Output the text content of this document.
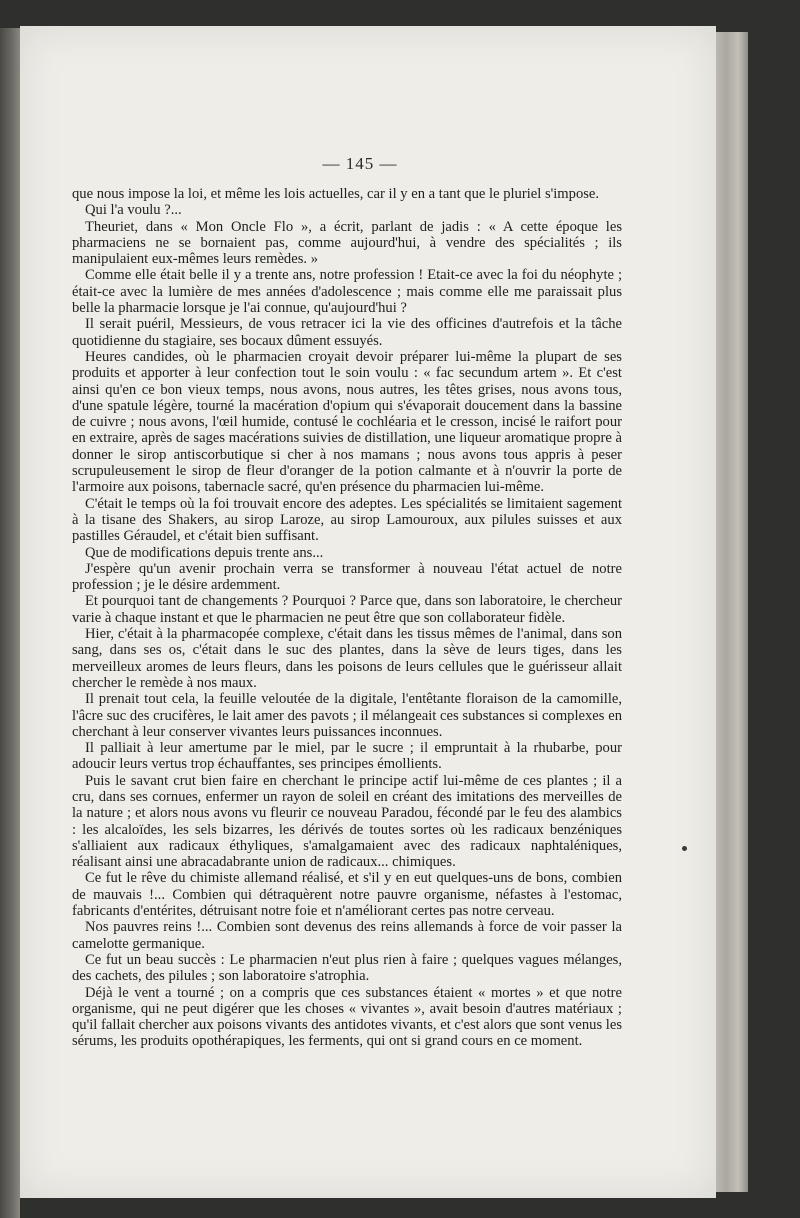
— 145 —

que nous impose la loi, et même les lois actuelles, car il y en a tant que le pluriel s'impose.

Qui l'a voulu ?...

Theuriet, dans « Mon Oncle Flo », a écrit, parlant de jadis : « A cette époque les pharmaciens ne se bornaient pas, comme aujourd'hui, à vendre des spécialités ; ils manipulaient eux-mêmes leurs remèdes. »

Comme elle était belle il y a trente ans, notre profession ! Etait-ce avec la foi du néophyte ; était-ce avec la lumière de mes années d'adolescence ; mais comme elle me paraissait plus belle la pharmacie lorsque je l'ai connue, qu'aujourd'hui ?

Il serait puéril, Messieurs, de vous retracer ici la vie des officines d'autrefois et la tâche quotidienne du stagiaire, ses bocaux dûment essuyés.

Heures candides, où le pharmacien croyait devoir préparer lui-même la plupart de ses produits et apporter à leur confection tout le soin voulu : « fac secundum artem ». Et c'est ainsi qu'en ce bon vieux temps, nous avons, nous autres, les têtes grises, nous avons tous, d'une spatule légère, tourné la macération d'opium qui s'évaporait doucement dans la bassine de cuivre ; nous avons, l'œil humide, contusé le cochléaria et le cresson, incisé le raifort pour en extraire, après de sages macérations suivies de distillation, une liqueur aromatique propre à donner le sirop antiscorbutique si cher à nos mamans ; nous avons tous appris à peser scrupuleusement le sirop de fleur d'oranger de la potion calmante et à n'ouvrir la porte de l'armoire aux poisons, tabernacle sacré, qu'en présence du pharmacien lui-même.

C'était le temps où la foi trouvait encore des adeptes. Les spécialités se limitaient sagement à la tisane des Shakers, au sirop Laroze, au sirop Lamouroux, aux pilules suisses et aux pastilles Géraudel, et c'était bien suffisant.

Que de modifications depuis trente ans...

J'espère qu'un avenir prochain verra se transformer à nouveau l'état actuel de notre profession ; je le désire ardemment.

Et pourquoi tant de changements ? Pourquoi ? Parce que, dans son laboratoire, le chercheur varie à chaque instant et que le pharmacien ne peut être que son collaborateur fidèle.

Hier, c'était à la pharmacopée complexe, c'était dans les tissus mêmes de l'animal, dans son sang, dans ses os, c'était dans le suc des plantes, dans la sève de leurs tiges, dans les merveilleux aromes de leurs fleurs, dans les poisons de leurs cellules que le guérisseur allait chercher le remède à nos maux.

Il prenait tout cela, la feuille veloutée de la digitale, l'entêtante floraison de la camomille, l'âcre suc des crucifères, le lait amer des pavots ; il mélangeait ces substances si complexes en cherchant à leur conserver vivantes leurs puissances inconnues.

Il palliait à leur amertume par le miel, par le sucre ; il empruntait à la rhubarbe, pour adoucir leurs vertus trop échauffantes, ses principes émollients.

Puis le savant crut bien faire en cherchant le principe actif lui-même de ces plantes ; il a cru, dans ses cornues, enfermer un rayon de soleil en créant des imitations des merveilles de la nature ; et alors nous avons vu fleurir ce nouveau Paradou, fécondé par le feu des alambics : les alcaloïdes, les sels bizarres, les dérivés de toutes sortes où les radicaux benzéniques s'alliaient aux radicaux éthyliques, s'amalgamaient avec des radicaux naphtaléniques, réalisant ainsi une abracadabrante union de radicaux... chimiques.

Ce fut le rêve du chimiste allemand réalisé, et s'il y en eut quelques-uns de bons, combien de mauvais !... Combien qui détraquèrent notre pauvre organisme, néfastes à l'estomac, fabricants d'entérites, détruisant notre foie et n'améliorant certes pas notre cerveau.

Nos pauvres reins !... Combien sont devenus des reins allemands à force de voir passer la camelotte germanique.

Ce fut un beau succès : Le pharmacien n'eut plus rien à faire ; quelques vagues mélanges, des cachets, des pilules ; son laboratoire s'atrophia.

Déjà le vent a tourné ; on a compris que ces substances étaient « mortes » et que notre organisme, qui ne peut digérer que les choses « vivantes », avait besoin d'autres matériaux ; qu'il fallait chercher aux poisons vivants des antidotes vivants, et c'est alors que sont venus les sérums, les produits opothérapiques, les ferments, qui ont si grand cours en ce moment.
